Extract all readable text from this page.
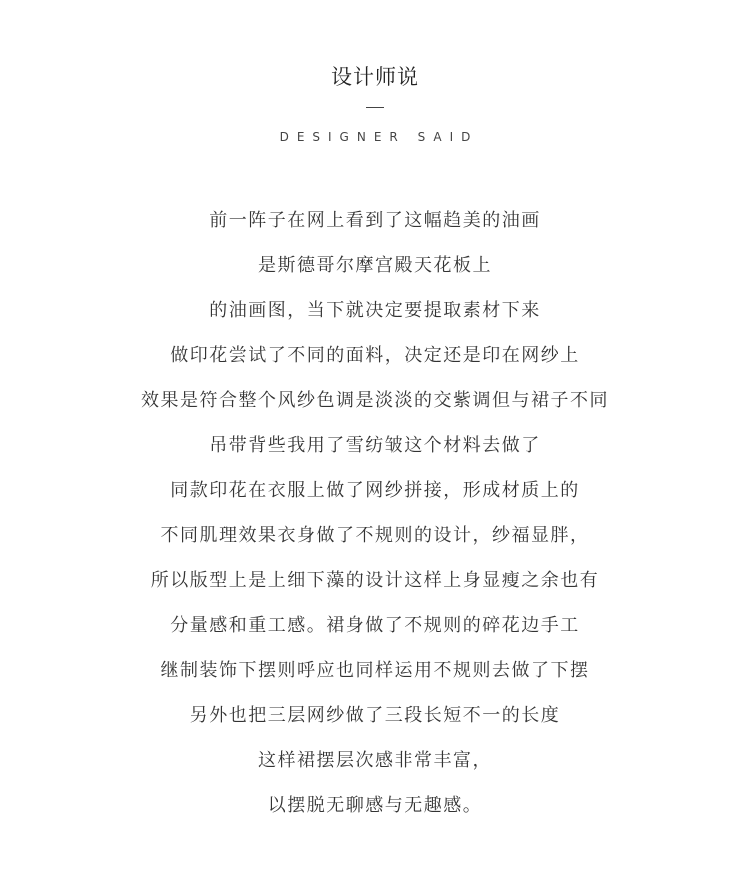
设计师说
DESIGNER SAID
前一阵子在网上看到了这幅趋美的油画
是斯德哥尔摩宫殿天花板上
的油画图，当下就决定要提取素材下来
做印花尝试了不同的面料，决定还是印在网纱上
效果是符合整个风纱色调是淡淡的交紫调但与裙子不同
吊带背些我用了雪纺皱这个材料去做了
同款印花在衣服上做了网纱拼接，形成材质上的
不同肌理效果衣身做了不规则的设计，纱福显胖，
所以版型上是上细下藻的设计这样上身显瘦之余也有
分量感和重工感。裙身做了不规则的碎花边手工
继制装饰下摆则呼应也同样运用不规则去做了下摆
另外也把三层网纱做了三段长短不一的长度
这样裙摆层次感非常丰富，
以摆脱无聊感与无趣感。
